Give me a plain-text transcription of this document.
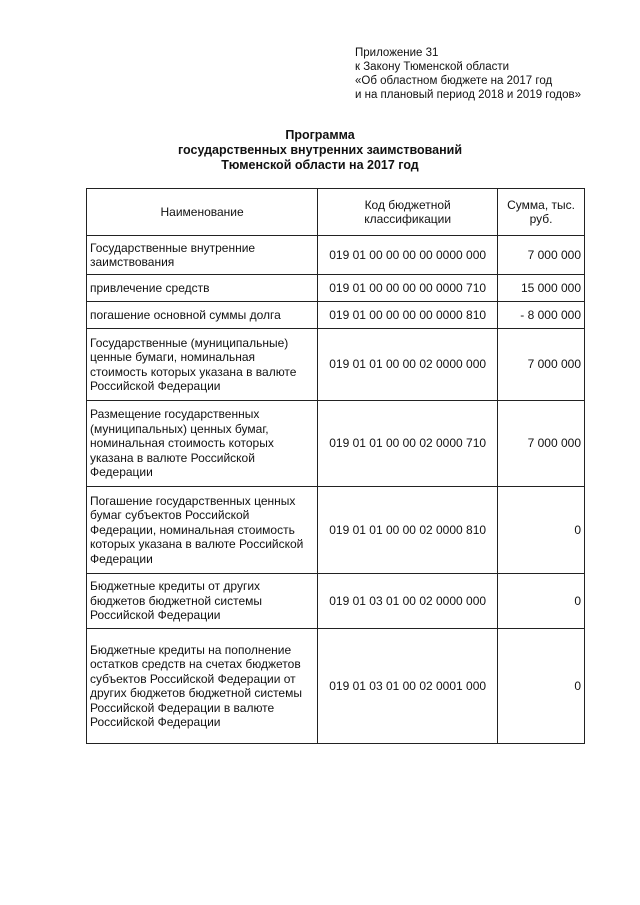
Приложение 31
к Закону Тюменской области
«Об областном бюджете на 2017 год
и на плановый период 2018 и 2019 годов»
Программа
государственных внутренних заимствований
Тюменской области на 2017 год
Наименование	Код бюджетной классификации	Сумма, тыс. руб.
Государственные внутренние заимствования	019 01 00 00 00 00 0000 000	7 000 000
привлечение средств	019 01 00 00 00 00 0000 710	15 000 000
погашение основной суммы долга	019 01 00 00 00 00 0000 810	- 8 000 000
Государственные (муниципальные) ценные бумаги, номинальная стоимость которых указана в валюте Российской Федерации	019 01 01 00 00 02 0000 000	7 000 000
Размещение государственных (муниципальных) ценных бумаг, номинальная стоимость которых указана в валюте Российской Федерации	019 01 01 00 00 02 0000 710	7 000 000
Погашение государственных ценных бумаг субъектов Российской Федерации, номинальная стоимость которых указана в валюте Российской Федерации	019 01 01 00 00 02 0000 810	0
Бюджетные кредиты от других бюджетов бюджетной системы Российской Федерации	019 01 03 01 00 02 0000 000	0
Бюджетные кредиты на пополнение остатков средств на счетах бюджетов субъектов Российской Федерации от других бюджетов бюджетной системы Российской Федерации в валюте Российской Федерации	019 01 03 01 00 02 0001 000	0
